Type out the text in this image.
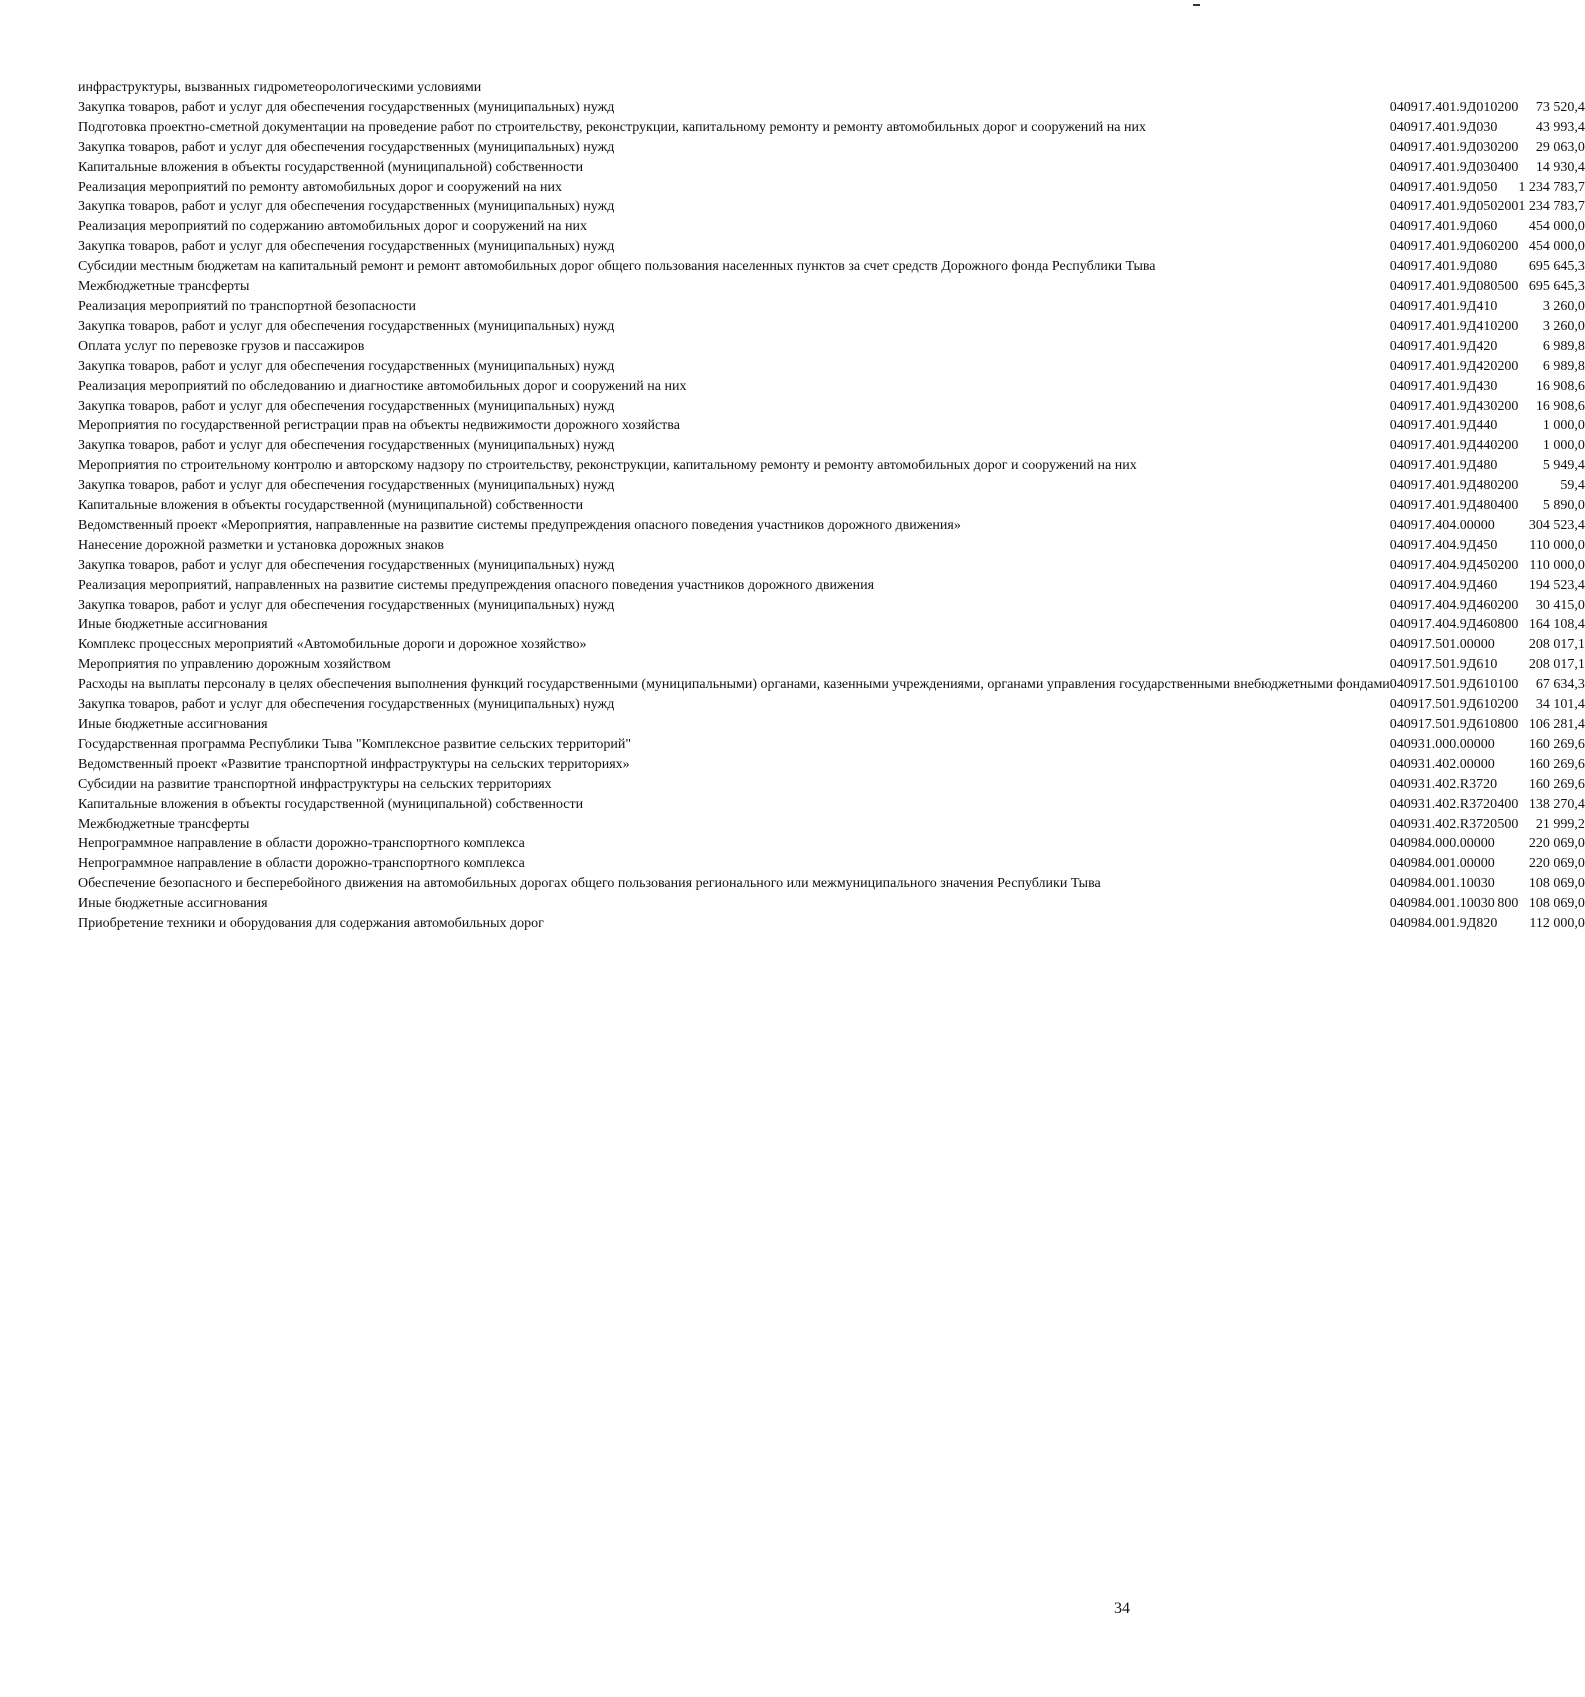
инфраструктуры, вызванных гидрометеорологическими условиями					
Закупка товаров, работ и услуг для обеспечения государственных (муниципальных) нужд	04	09	17.401.9Д010	200	73 520,4
Подготовка проектно-сметной документации на проведение работ по строительству, реконструкции, капитальному ремонту и ремонту автомобильных дорог и сооружений на них	04	09	17.401.9Д030		43 993,4
Закупка товаров, работ и услуг для обеспечения государственных (муниципальных) нужд	04	09	17.401.9Д030	200	29 063,0
Капитальные вложения в объекты государственной (муниципальной) собственности	04	09	17.401.9Д030	400	14 930,4
Реализация мероприятий по ремонту автомобильных дорог и сооружений на них	04	09	17.401.9Д050		1 234 783,7
Закупка товаров, работ и услуг для обеспечения государственных (муниципальных) нужд	04	09	17.401.9Д050	200	1 234 783,7
Реализация мероприятий по содержанию автомобильных дорог и сооружений на них	04	09	17.401.9Д060		454 000,0
Закупка товаров, работ и услуг для обеспечения государственных (муниципальных) нужд	04	09	17.401.9Д060	200	454 000,0
Субсидии местным бюджетам на капитальный ремонт и ремонт автомобильных дорог общего пользования населенных пунктов за счет средств Дорожного фонда Республики Тыва	04	09	17.401.9Д080		695 645,3
Межбюджетные трансферты	04	09	17.401.9Д080	500	695 645,3
Реализация мероприятий по транспортной безопасности	04	09	17.401.9Д410		3 260,0
Закупка товаров, работ и услуг для обеспечения государственных (муниципальных) нужд	04	09	17.401.9Д410	200	3 260,0
Оплата услуг по перевозке грузов и пассажиров	04	09	17.401.9Д420		6 989,8
Закупка товаров, работ и услуг для обеспечения государственных (муниципальных) нужд	04	09	17.401.9Д420	200	6 989,8
Реализация мероприятий по обследованию и диагностике автомобильных дорог и сооружений на них	04	09	17.401.9Д430		16 908,6
Закупка товаров, работ и услуг для обеспечения государственных (муниципальных) нужд	04	09	17.401.9Д430	200	16 908,6
Мероприятия по государственной регистрации прав на объекты недвижимости дорожного хозяйства	04	09	17.401.9Д440		1 000,0
Закупка товаров, работ и услуг для обеспечения государственных (муниципальных) нужд	04	09	17.401.9Д440	200	1 000,0
Мероприятия по строительному контролю и авторскому надзору по строительству, реконструкции, капитальному ремонту и ремонту автомобильных дорог и сооружений на них	04	09	17.401.9Д480		5 949,4
Закупка товаров, работ и услуг для обеспечения государственных (муниципальных) нужд	04	09	17.401.9Д480	200	59,4
Капитальные вложения в объекты государственной (муниципальной) собственности	04	09	17.401.9Д480	400	5 890,0
Ведомственный проект «Мероприятия, направленные на развитие системы предупреждения опасного поведения участников дорожного движения»	04	09	17.404.00000		304 523,4
Нанесение дорожной разметки и установка дорожных знаков	04	09	17.404.9Д450		110 000,0
Закупка товаров, работ и услуг для обеспечения государственных (муниципальных) нужд	04	09	17.404.9Д450	200	110 000,0
Реализация мероприятий, направленных на развитие системы предупреждения опасного поведения участников дорожного движения	04	09	17.404.9Д460		194 523,4
Закупка товаров, работ и услуг для обеспечения государственных (муниципальных) нужд	04	09	17.404.9Д460	200	30 415,0
Иные бюджетные ассигнования	04	09	17.404.9Д460	800	164 108,4
Комплекс процессных мероприятий «Автомобильные дороги и дорожное хозяйство»	04	09	17.501.00000		208 017,1
Мероприятия по управлению дорожным хозяйством	04	09	17.501.9Д610		208 017,1
Расходы на выплаты персоналу в целях обеспечения выполнения функций государственными (муниципальными) органами, казенными учреждениями, органами управления государственными внебюджетными фондами	04	09	17.501.9Д610	100	67 634,3
Закупка товаров, работ и услуг для обеспечения государственных (муниципальных) нужд	04	09	17.501.9Д610	200	34 101,4
Иные бюджетные ассигнования	04	09	17.501.9Д610	800	106 281,4
Государственная программа Республики Тыва "Комплексное развитие сельских территорий"	04	09	31.000.00000		160 269,6
Ведомственный проект «Развитие транспортной инфраструктуры на сельских территориях»	04	09	31.402.00000		160 269,6
Субсидии на развитие транспортной инфраструктуры на сельских территориях	04	09	31.402.R3720		160 269,6
Капитальные вложения в объекты государственной (муниципальной) собственности	04	09	31.402.R3720	400	138 270,4
Межбюджетные трансферты	04	09	31.402.R3720	500	21 999,2
Непрограммное направление в области дорожно-транспортного комплекса	04	09	84.000.00000		220 069,0
Непрограммное направление в области дорожно-транспортного комплекса	04	09	84.001.00000		220 069,0
Обеспечение безопасного и бесперебойного движения на автомобильных дорогах общего пользования регионального или межмуниципального значения Республики Тыва	04	09	84.001.10030		108 069,0
Иные бюджетные ассигнования	04	09	84.001.10030	800	108 069,0
Приобретение техники и оборудования для содержания автомобильных дорог	04	09	84.001.9Д820		112 000,0
34
